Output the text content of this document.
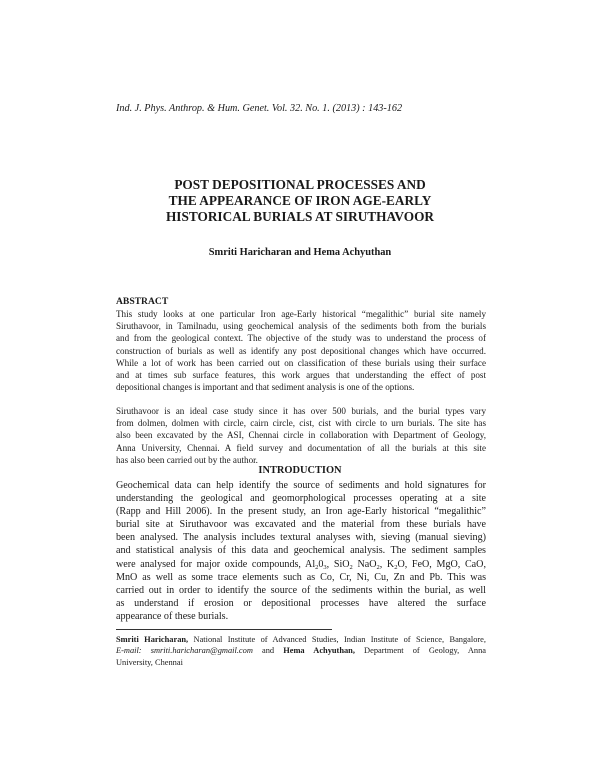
Ind. J. Phys. Anthrop. & Hum. Genet. Vol. 32. No. 1. (2013) : 143-162
POST DEPOSITIONAL PROCESSES AND
THE APPEARANCE OF IRON AGE-EARLY
HISTORICAL BURIALS AT SIRUTHAVOOR
Smriti Haricharan and Hema Achyuthan
ABSTRACT
This study looks at one particular Iron age-Early historical “megalithic” burial site namely
Siruthavoor, in Tamilnadu, using geochemical analysis of the sediments both from the burials
and from the geological context. The objective of the study was to understand the process of
construction of burials as well as identify any post depositional changes which have occurred.
While a lot of work has been carried out on classification of these burials using their surface
and at times sub surface features, this work argues that understanding the effect of post
depositional changes is important and that sediment analysis is one of the options.
Siruthavoor is an ideal case study since it has over 500 burials, and the burial types vary
from dolmen, dolmen with circle, cairn circle, cist, cist with circle to urn burials. The site has
also been excavated by the ASI, Chennai circle in collaboration with Department of Geology,
Anna University, Chennai. A field survey and documentation of all the burials at this site
has also been carried out by the author.
INTRODUCTION
Geochemical data can help identify the source of sediments and hold signatures for
understanding the geological and geomorphological processes operating at a site
(Rapp and Hill 2006). In the present study, an Iron age-Early historical “megalithic”
burial site at Siruthavoor was excavated and the material from these burials have
been analysed. The analysis includes textural analyses with, sieving (manual sieving)
and statistical analysis of this data and geochemical analysis. The sediment samples
were analysed for major oxide compounds, $Al_20_3$, SiO$_2$ NaO$_2$, $K_2O$, FeO, MgO, CaO,
MnO as well as some trace elements such as Co, Cr, Ni, Cu, Zn and Pb. This was
carried out in order to identify the source of the sediments within the burial, as well
as understand if erosion or depositional processes have altered the surface
appearance of these burials.
Smriti Haricharan, National Institute of Advanced Studies, Indian Institute of Science, Bangalore,
E-mail: smriti.haricharan@gmail.com and Hema Achyuthan, Department of Geology, Anna
University, Chennai
